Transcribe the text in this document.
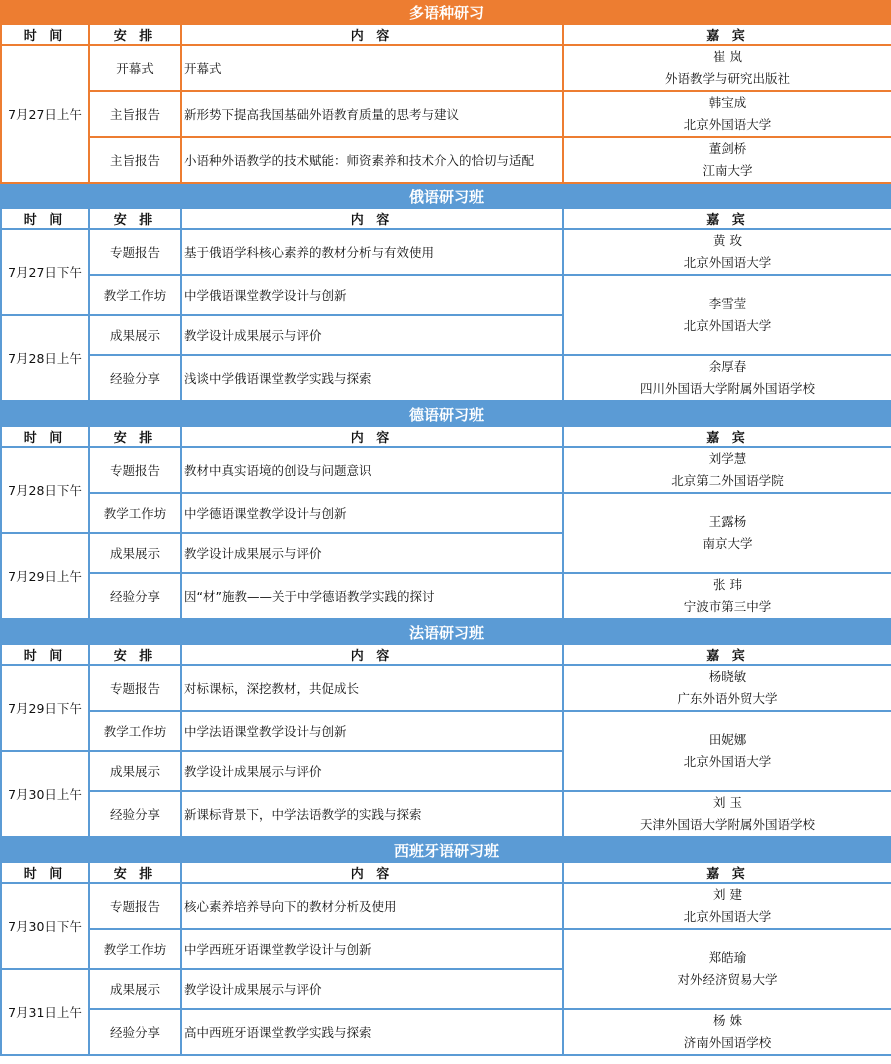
多语种研习			
时 间	安 排	内 容	嘉 宾
7月27日上午	开幕式	开幕式	崔 岚
外语教学与研究出版社

	主旨报告	新形势下提高我国基础外语教育质量的思考与建议	韩宝成
北京外国语大学

	主旨报告	小语种外语教学的技术赋能：师资素养和技术介入的恰切与适配	董剑桥
江南大学
俄语研习班			
时 间	安 排	内 容	嘉 宾
7月27日下午	专题报告	基于俄语学科核心素养的教材分析与有效使用	黄 玫
北京外国语大学

	教学工作坊	中学俄语课堂教学设计与创新	李雪莹
北京外国语大学

7月28日上午	成果展示	教学设计成果展示与评价	
	经验分享	浅谈中学俄语课堂教学实践与探索	余厚春
四川外国语大学附属外国语学校
德语研习班			
时 间	安 排	内 容	嘉 宾
7月28日下午	专题报告	教材中真实语境的创设与问题意识	刘学慧
北京第二外国语学院

	教学工作坊	中学德语课堂教学设计与创新	王露杨
南京大学

7月29日上午	成果展示	教学设计成果展示与评价	
	经验分享	因“材”施教——关于中学德语教学实践的探讨	张 玮
宁波市第三中学
法语研习班			
时 间	安 排	内 容	嘉 宾
7月29日下午	专题报告	对标课标，深挖教材，共促成长	杨晓敏
广东外语外贸大学

	教学工作坊	中学法语课堂教学设计与创新	田妮娜
北京外国语大学

7月30日上午	成果展示	教学设计成果展示与评价	
	经验分享	新课标背景下，中学法语教学的实践与探索	刘 玉
天津外国语大学附属外国语学校
西班牙语研习班			
时 间	安 排	内 容	嘉 宾
7月30日下午	专题报告	核心素养培养导向下的教材分析及使用	刘 建
北京外国语大学

	教学工作坊	中学西班牙语课堂教学设计与创新	郑皓瑜
对外经济贸易大学

7月31日上午	成果展示	教学设计成果展示与评价	
	经验分享	高中西班牙语课堂教学实践与探索	杨 姝
济南外国语学校
